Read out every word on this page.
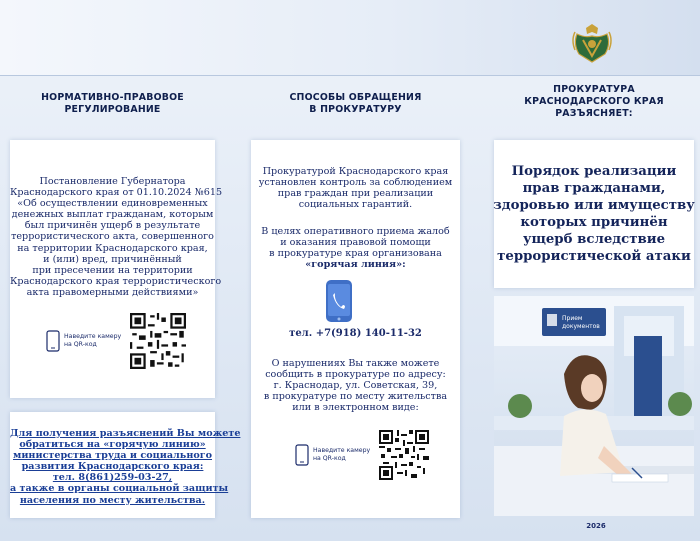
НОРМАТИВНО-ПРАВОВОЕ
РЕГУЛИРОВАНИЕ
СПОСОБЫ ОБРАЩЕНИЯ
В ПРОКУРАТУРУ
ПРОКУРАТУРА
КРАСНОДАРСКОГО КРАЯ
РАЗЪЯСНЯЕТ:
Постановление Губернатора
Краснодарского края от 01.10.2024 №615
«Об осуществлении единовременных
денежных выплат гражданам, которым
был причинён ущерб в результате
террористического акта, совершенного
на территории Краснодарского края,
и (или) вред, причинённый
при пресечении на территории
Краснодарского края террористического
акта правомерными действиями»
Наведите камеру
на QR-код
Для получения разъяснений Вы можете
обратиться на «горячую линию»
министерства труда и социального
развития Краснодарского края:
тел. 8(861)259-03-27,
а также в органы социальной защиты
населения по месту жительства.
Прокуратурой Краснодарского края
установлен контроль за соблюдением
прав граждан при реализации
социальных гарантий.
В целях оперативного приема жалоб
и оказания правовой помощи
в прокуратуре края организована
«горячая линия»:
О нарушениях Вы также можете
сообщить в прокуратуре по адресу:
г. Краснодар, ул. Советская, 39,
в прокуратуре по месту жительства
или в электронном виде:
Наведите камеру
на QR-код
тел. +7(918) 140-11-32
Порядок реализации
прав гражданами,
здоровью или имуществу
которых причинён
ущерб вследствие
террористической атаки
Прием
документов
2026
